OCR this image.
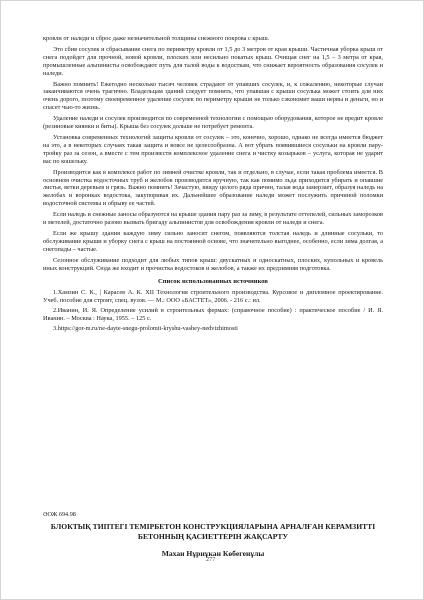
кровли от наледи и сброс даже незначительной толщины снежного покрова с крыш.

Это сбив сосулек и сбрасывание снега по периметру кровли от 1,5 до 3 метров от края крыши. Частичная уборка крыш от снега подойдет для прочной, новой кровли, плоских или несильно покатых крыш. Очищая снег на 1,5 – 3 метра от края, промышленные альпинисты освобождают путь для талой воды к водосткам, что снижает вероятность образования сосулек и наледи.

Важно помнить! Ежегодно несколько тысяч человек страдают от упавших сосулек, и, к сожалению, некоторые случаи заканчиваются очень трагично. Владельцам зданий следует помнить, что упавшая с крыши сосулька может стоить для них очень дорого, поэтому своевременное удаление сосулек по периметру крыши не только сэкономит ваши нервы и деньги, но и спасет чью-то жизнь.

Удаление наледи и сосулек производится по современной технологии с помощью оборудования, которое не вредит кровле (резиновые киянки и биты). Крыша без сосулек дольше не потребует ремонта.

Установка современных технологий защиты кровли от сосулек – это, конечно, хорошо, однако не всегда имеется бюджет на это, а в некоторых случаях такая защита и вовсе не целесообразна. А вот убрать появившиеся сосульки на кровли пару-тройку раз за сезон, а вместе с тем произвести комплексное удаление снега и чистку козырьков – услуга, которая не ударит вас по кошельку.

Производится как в комплексе работ по зимней очистке кровли, так и отдельно, в случае, если такая проблема имеется. В основном очистка водосточных труб и желобов производится вручную, так как помимо льда приходится убирать и опавшие листья, ветки деревьев и грязь. Важно помнить! Зачастую, ввиду целого ряда причин, талая вода замерзает, образуя наледь на желобах и воронках водостока, закупоривая их. Дальнейшее образование наледи может послужить причиной поломки водосточной системы и обрыву ее частей.

Если наледь и снежные заносы образуются на крыше здания пару раз за зиму, в результате оттепелей, сильных заморозков и метелей, достаточно разово вызвать бригаду альпинистов для освобождения кровли от наледи и снега.

Если же крышу здания каждую зиму сильно заносит снегом, появляются толстая наледь и длинные сосульки, то обслуживание крыши и уборку снега с крыш на постоянной основе, что значительно выгоднее, особенно, если зима долгая, а снегопады – частые.

Сезонное обслуживание подходит для любых типов крыш: двускатных и односкатных, плоских, купольных и кровель иных конструкций. Сюда же входит и прочистка водостоков и желобов, а также их предзимняя подготовка.

Список использованных источников

1.Хамзин С. К., | Карасев А. К. ХІІ Технология строительного производства. Курсовое и дипломное проектирование. Учеб. пособие для строит, спец. вузов. — М.: ООО «БАСТЕТ», 2006. - 216 с.: ил.

2.Иванин, И. Я. Определение усилий в строительных фермах: (справочное пособие) : практическое пособие / И. Я. Иванин. – Москва : Наука, 1955. – 125 с.

3.https://gor-m.ru/ne-dayte-snegu-prolomit-kryshu-vashey-nedvizhimosti

ӘОЖ 694.98

БЛОКТЫҚ ТИПТЕГІ ТЕМІРБЕТОН КОНСТРУКЦИЯЛАРЫНА АРНАЛҒАН КЕРАМЗИТТІ БЕТОННЫҢ ҚАСИЕТТЕРІН ЖАҚСАРТУ

277

Махан Нұрнұкан Көбегенұлы
